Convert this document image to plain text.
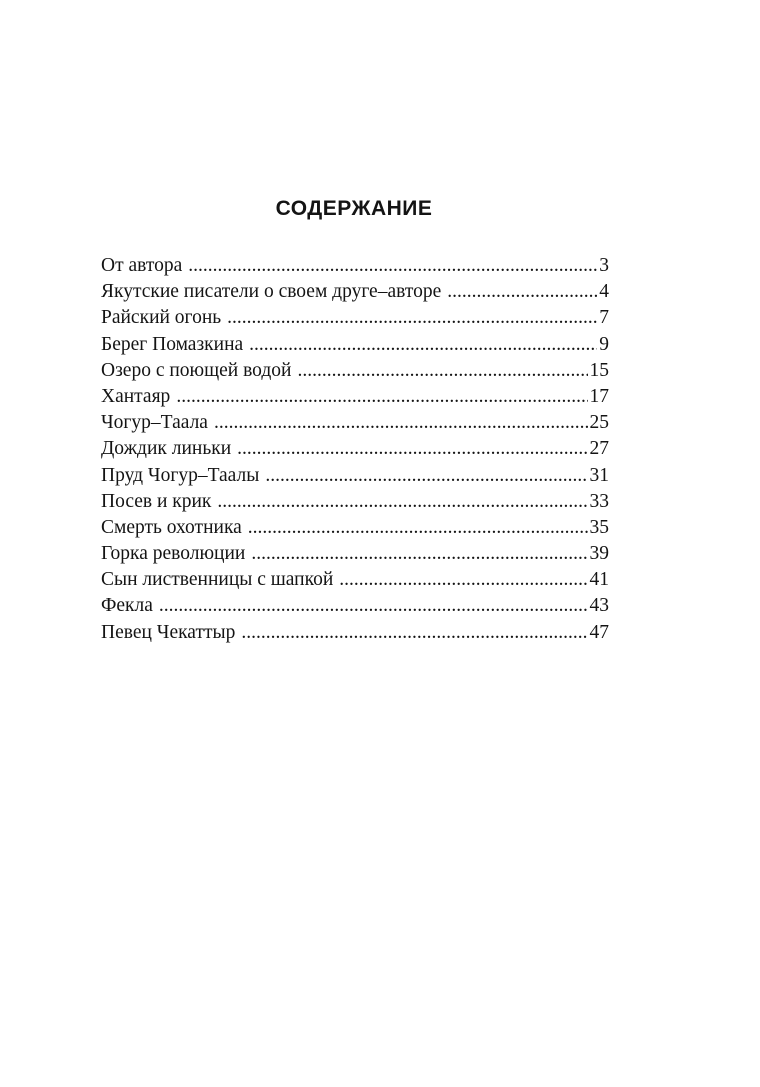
СОДЕРЖАНИЕ
От автора .....	3
Якутские писатели о своем друге–авторе .....	4
Райский огонь .....	7
Берег Помазкина .....	9
Озеро с поющей водой .....	15
Хантаяр .....	17
Чогур–Таала .....	25
Дождик линьки .....	27
Пруд Чогур–Таалы .....	31
Посев и крик .....	33
Смерть охотника .....	35
Горка революции .....	39
Сын лиственницы с шапкой .....	41
Фекла .....	43
Певец Чекаттыр .....	47
